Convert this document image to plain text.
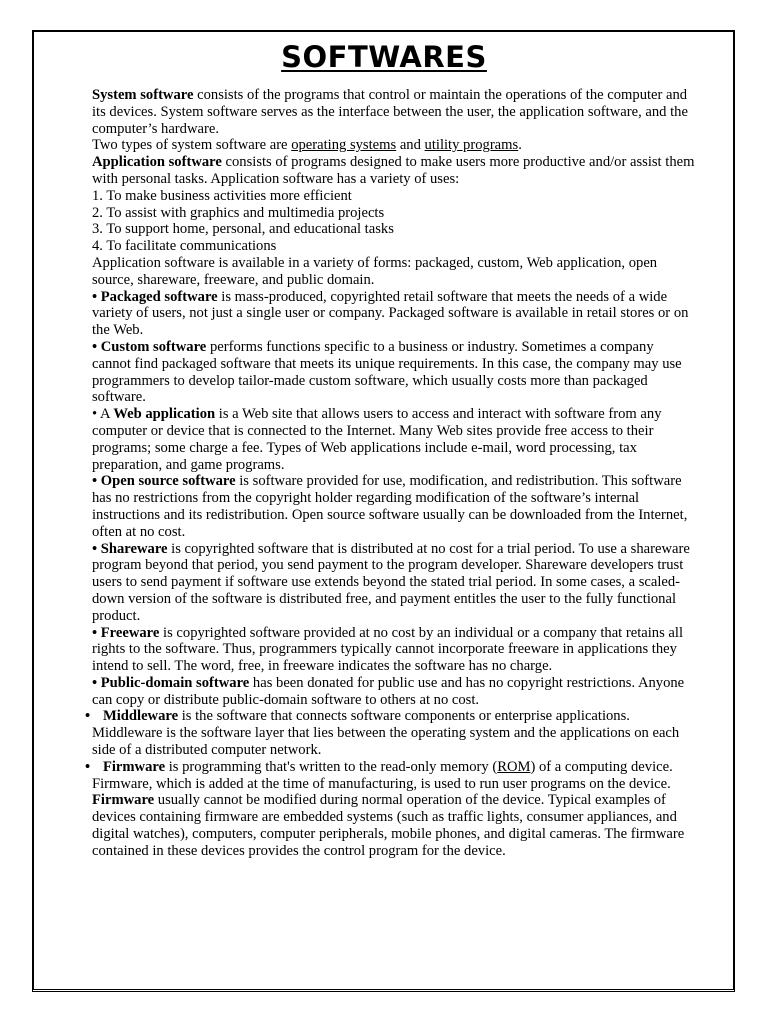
SOFTWARES

System software consists of the programs that control or maintain the operations of the computer and its devices. System software serves as the interface between the user, the application software, and the computer’s hardware.

Two types of system software are operating systems and utility programs.

Application software consists of programs designed to make users more productive and/or assist them with personal tasks. Application software has a variety of uses:

1. To make business activities more efficient

2. To assist with graphics and multimedia projects

3. To support home, personal, and educational tasks

4. To facilitate communications

Application software is available in a variety of forms: packaged, custom, Web application, open source, shareware, freeware, and public domain.

• Packaged software is mass-produced, copyrighted retail software that meets the needs of a wide variety of users, not just a single user or company. Packaged software is available in retail stores or on the Web.

• Custom software performs functions specific to a business or industry. Sometimes a company cannot find packaged software that meets its unique requirements. In this case, the company may use programmers to develop tailor-made custom software, which usually costs more than packaged software.

• A Web application is a Web site that allows users to access and interact with software from any computer or device that is connected to the Internet. Many Web sites provide free access to their programs; some charge a fee. Types of Web applications include e-mail, word processing, tax   preparation, and game programs.

• Open source software is software provided for use, modification, and redistribution. This software has no restrictions from the copyright holder regarding modification of the software’s internal instructions and its redistribution. Open source software usually can be downloaded from the Internet, often at no cost.

• Shareware is copyrighted software that is distributed at no cost for a trial period. To use a shareware program beyond that period, you send payment to the program developer. Shareware developers trust users to send payment if software use extends beyond the stated trial period. In some cases, a scaled-down version of the software is distributed free, and payment entitles the user to the fully functional product.

• Freeware is copyrighted software provided at no cost by an individual or a company that retains all rights to the software. Thus, programmers typically cannot incorporate freeware in applications they intend to sell. The word, free, in freeware indicates the software has no charge.

• Public-domain software has been donated for public use and has no copyright restrictions. Anyone can copy or distribute public-domain software to others at no cost.

• Middleware is the software that connects software components or enterprise applications. Middleware is the software layer that lies between the operating system and the applications on each side of a distributed computer network.

• Firmware is programming that's written to the read-only memory (ROM) of a computing device. Firmware, which is added at the time of manufacturing, is used to run user programs on the device. Firmware usually cannot be modified during normal operation of the device. Typical examples of devices containing firmware are embedded systems (such as traffic lights, consumer appliances, and digital watches), computers, computer peripherals, mobile phones, and digital cameras. The firmware contained in these devices provides the control program for the device.
